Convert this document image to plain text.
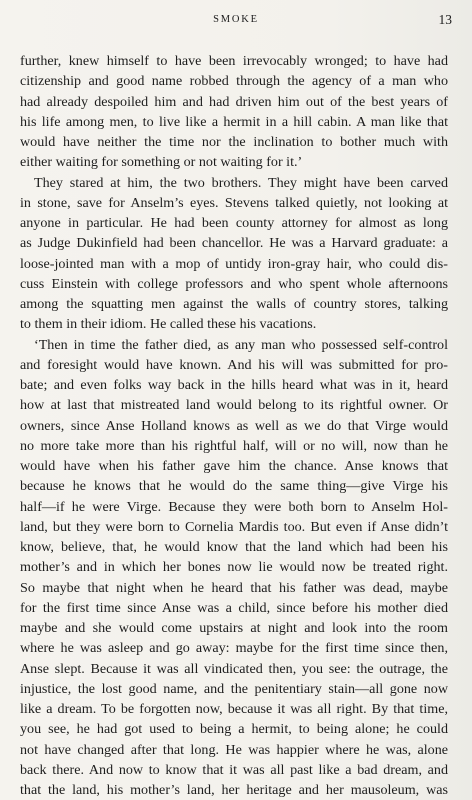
SMOKE	13
further, knew himself to have been irrevocably wronged; to have had
citizenship and good name robbed through the agency of a man who
had already despoiled him and had driven him out of the best years of
his life among men, to live like a hermit in a hill cabin. A man like that
would have neither the time nor the inclination to bother much with
either waiting for something or not waiting for it.’
They stared at him, the two brothers. They might have been carved
in stone, save for Anselm’s eyes. Stevens talked quietly, not looking at
anyone in particular. He had been county attorney for almost as long
as Judge Dukinfield had been chancellor. He was a Harvard graduate: a
loose-jointed man with a mop of untidy iron-gray hair, who could dis-
cuss Einstein with college professors and who spent whole afternoons
among the squatting men against the walls of country stores, talking
to them in their idiom. He called these his vacations.
‘Then in time the father died, as any man who possessed self-control
and foresight would have known. And his will was submitted for pro-
bate; and even folks way back in the hills heard what was in it, heard
how at last that mistreated land would belong to its rightful owner. Or
owners, since Anse Holland knows as well as we do that Virge would
no more take more than his rightful half, will or no will, now than he
would have when his father gave him the chance. Anse knows that
because he knows that he would do the same thing—give Virge his
half—if he were Virge. Because they were both born to Anselm Hol-
land, but they were born to Cornelia Mardis too. But even if Anse didn’t
know, believe, that, he would know that the land which had been his
mother’s and in which her bones now lie would now be treated right.
So maybe that night when he heard that his father was dead, maybe
for the first time since Anse was a child, since before his mother died
maybe and she would come upstairs at night and look into the room
where he was asleep and go away: maybe for the first time since then,
Anse slept. Because it was all vindicated then, you see: the outrage, the
injustice, the lost good name, and the penitentiary stain—all gone now
like a dream. To be forgotten now, because it was all right. By that time,
you see, he had got used to being a hermit, to being alone; he could
not have changed after that long. He was happier where he was, alone
back there. And now to know that it was all past like a bad dream, and
that the land, his mother’s land, her heritage and her mausoleum, was
